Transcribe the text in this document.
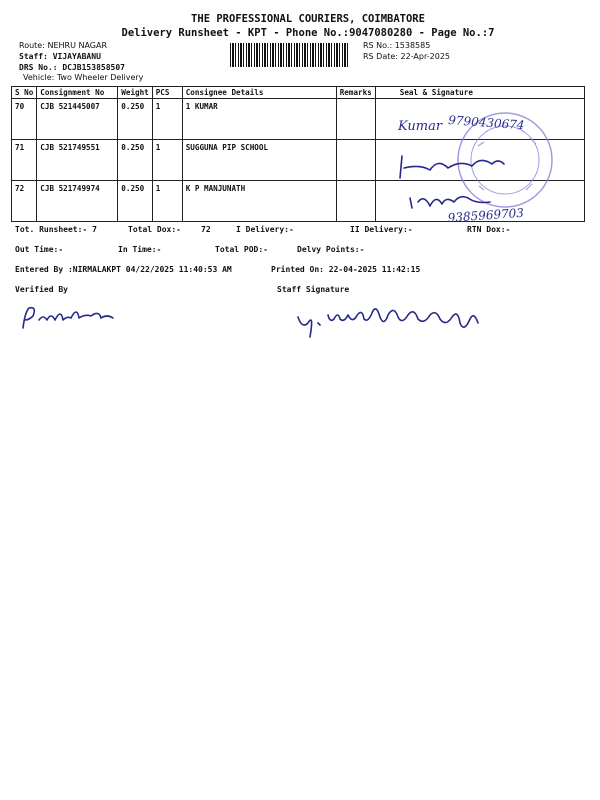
THE PROFESSIONAL COURIERS, COIMBATORE
Delivery Runsheet - KPT - Phone No.:9047080280 - Page No.:7
Route: NEHRU NAGAR
Staff: VIJAYABANU
DRS No.: DCJB153858507
Vehicle: Two Wheeler Delivery
RS No.: 1538585
RS Date: 22-Apr-2025
S No	Consignment No	Weight	PCS	Consignee Details	Remarks	Seal & Signature
70	CJB 521445007	0.250	1	1 KUMAR		
71	CJB 521749551	0.250	1	SUGGUNA PIP SCHOOL		
72	CJB 521749974	0.250	1	K P MANJUNATH		
Kumar 9790430674
9385969703
Tot. Runsheet:- 7	Total Dox:-	72	I Delivery:-	II Delivery:-	RTN Dox:-
Out Time:-	In Time:-	Total POD:-	Delvy Points:-
Entered By :NIRMALAKPT 04/22/2025 11:40:53 AM	Printed On: 22-04-2025 11:42:15
Verified By	Staff Signature
